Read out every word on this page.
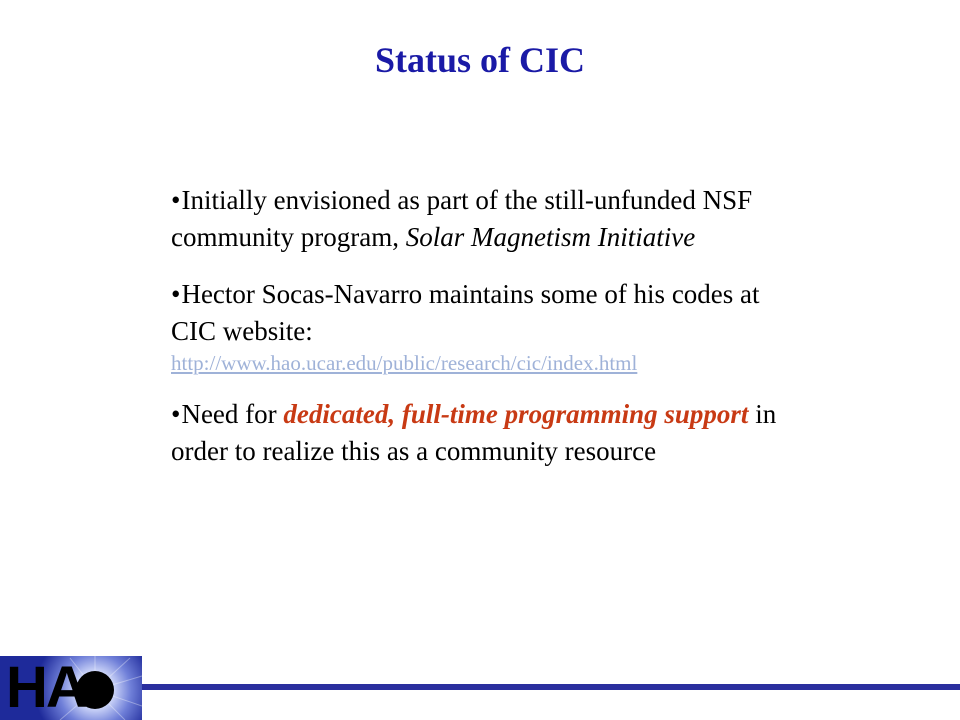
Status of CIC
•Initially envisioned as part of the still-unfunded NSF community program, Solar Magnetism Initiative
•Hector Socas-Navarro maintains some of his codes at CIC website:
http://www.hao.ucar.edu/public/research/cic/index.html
•Need for dedicated, full-time programming support in order to realize this as a community resource
HA
